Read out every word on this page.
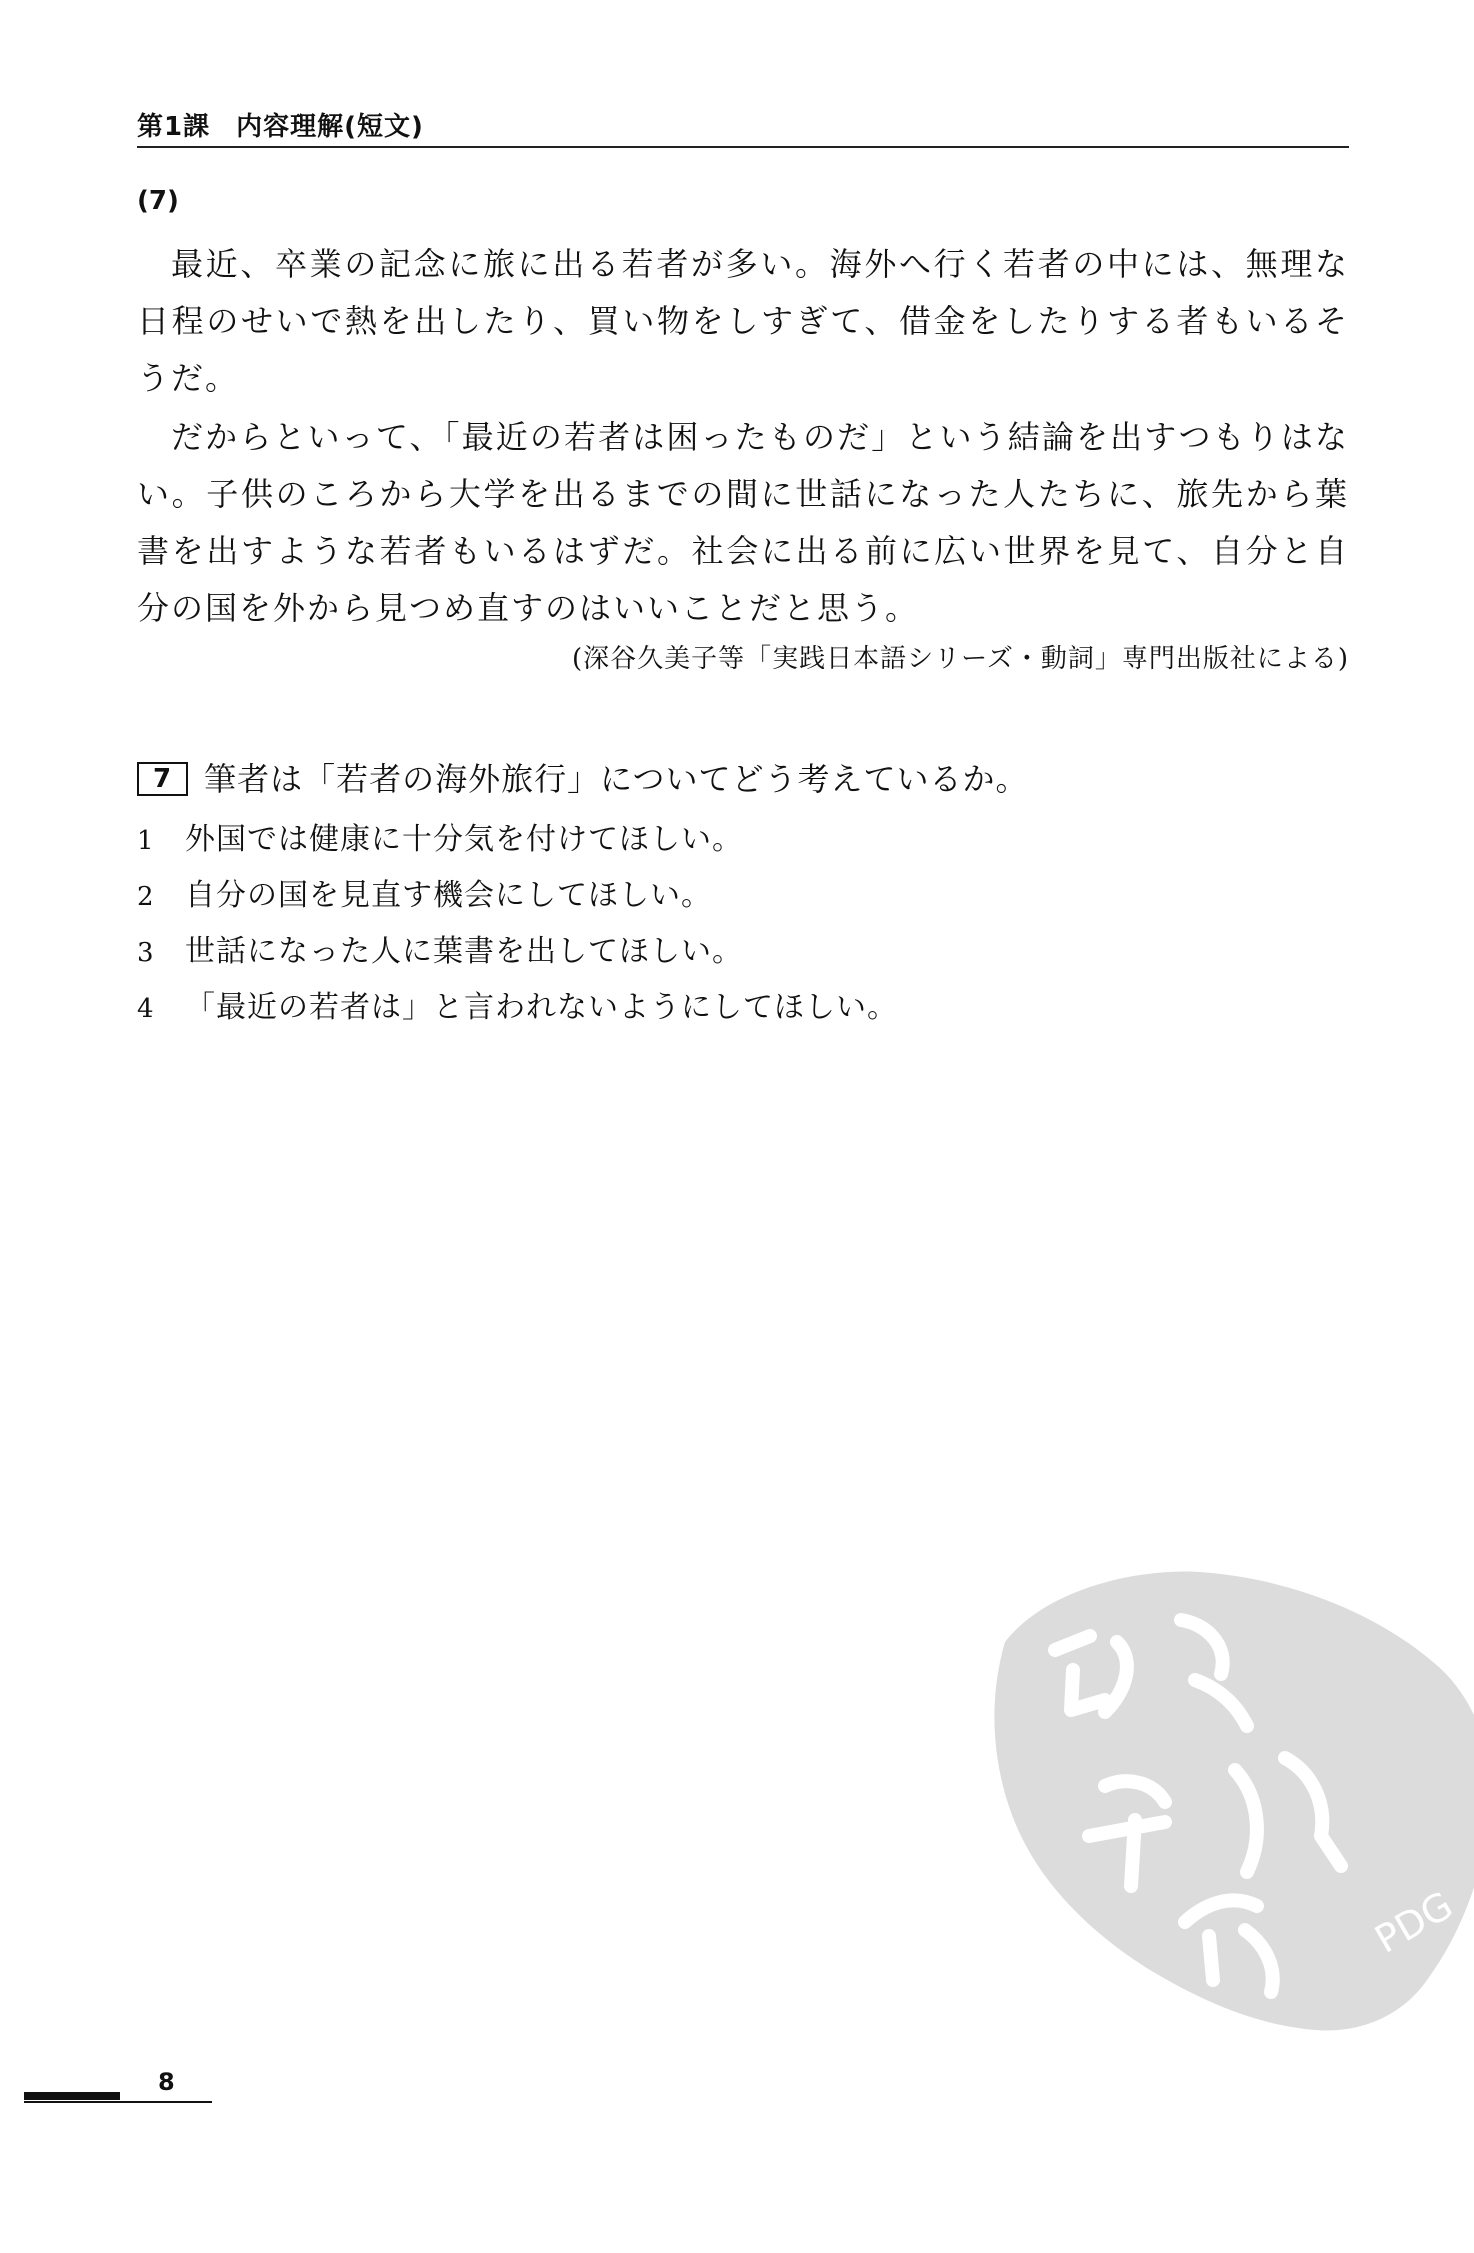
第1課 内容理解(短文)
(7)

最近、卒業の記念に旅に出る若者が多い。海外へ行く若者の中には、無理な日程のせいで熱を出したり、買い物をしすぎて、借金をしたりする者もいるそうだ。

だからといって、「最近の若者は困ったものだ」という結論を出すつもりはない。子供のころから大学を出るまでの間に世話になった人たちに、旅先から葉書を出すような若者もいるはずだ。社会に出る前に広い世界を見て、自分と自分の国を外から見つめ直すのはいいことだと思う。

(深谷久美子等「実践日本語シリーズ・動詞」専門出版社による)
7 筆者は「若者の海外旅行」についてどう考えているか。
1 外国では健康に十分気を付けてほしい。
2 自分の国を見直す機会にしてほしい。
3 世話になった人に葉書を出してほしい。
4 「最近の若者は」と言われないようにしてほしい。
PDG
8
